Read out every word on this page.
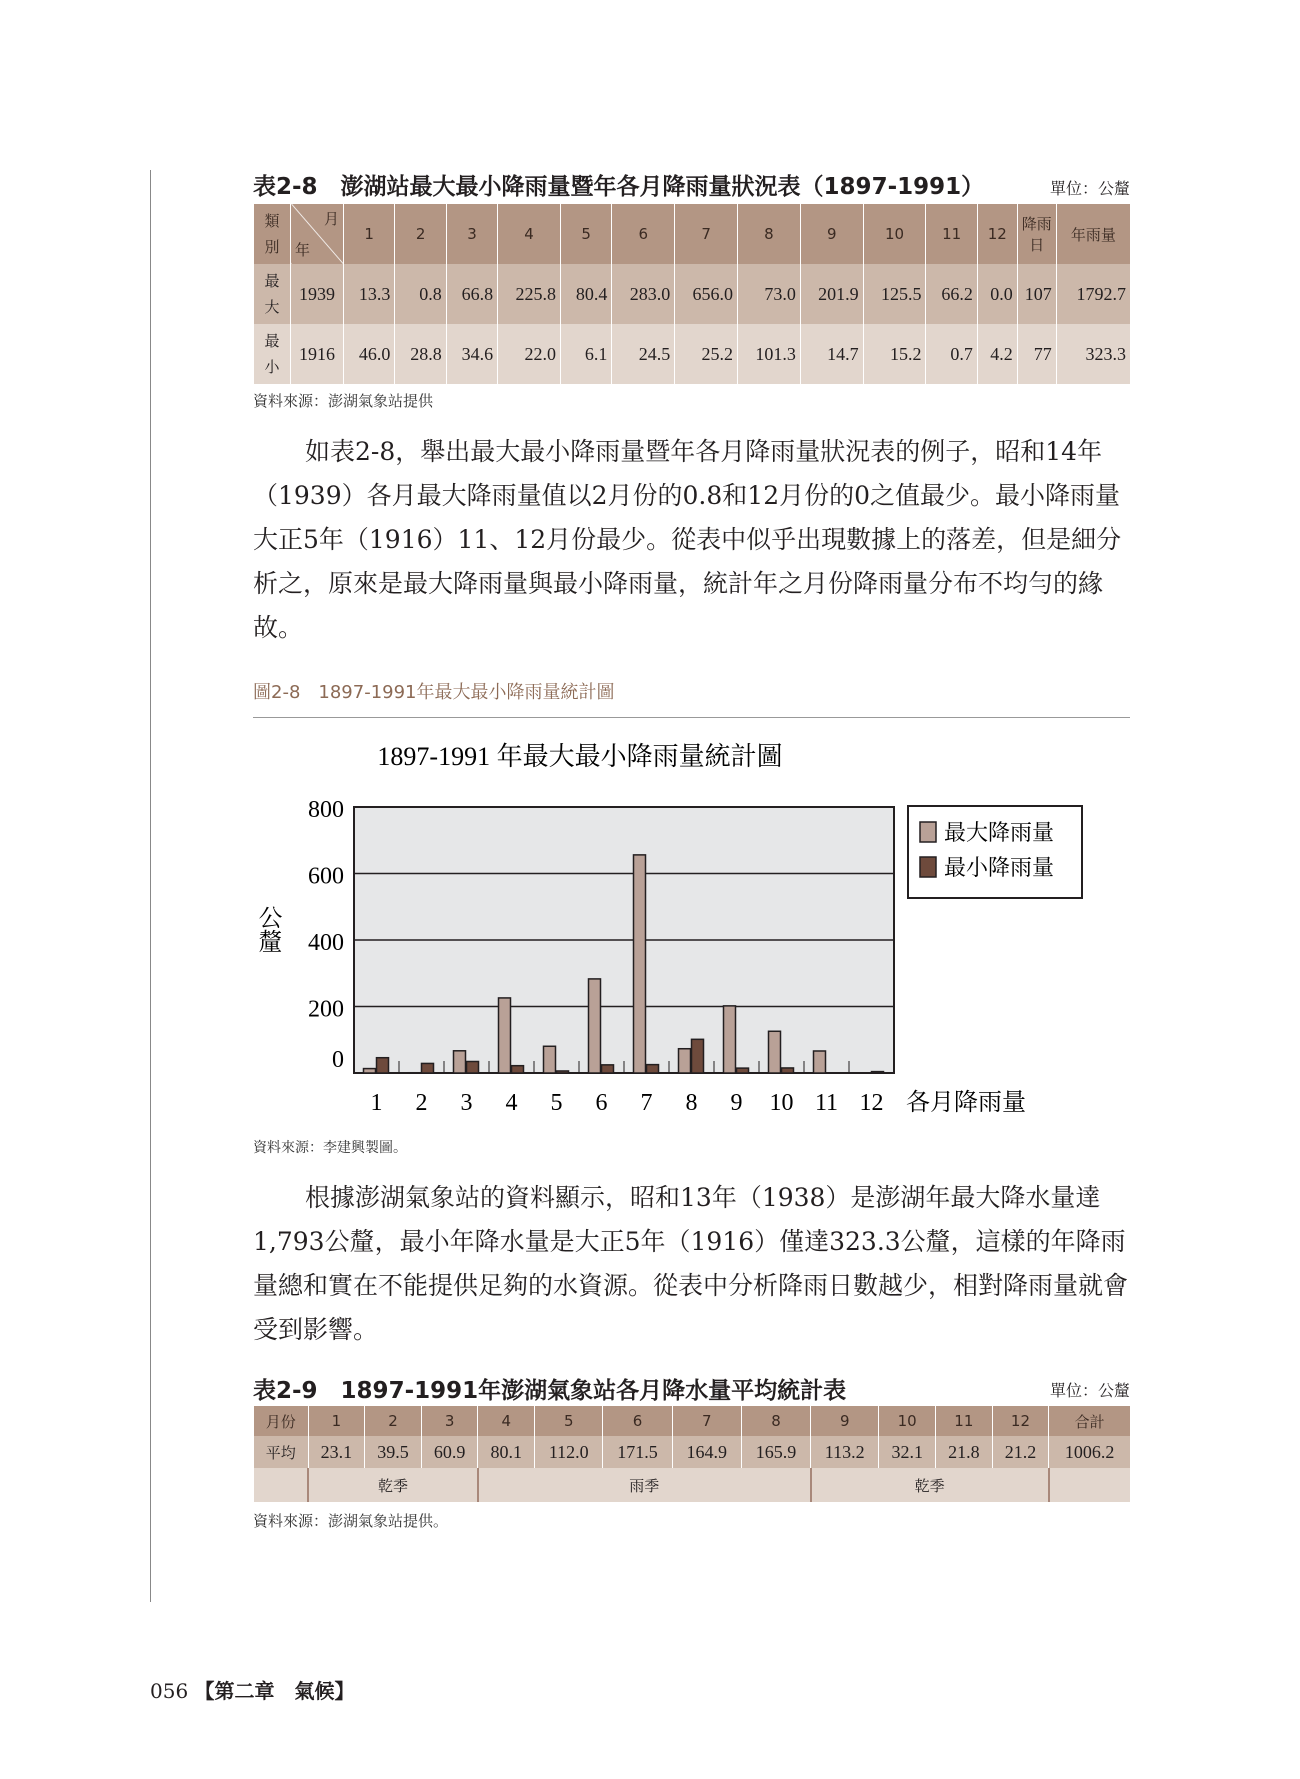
表2-8　澎湖站最大最小降雨量暨年各月降雨量狀況表（1897-1991）	單位：公釐
類別	月
年	1	2	3	4	5	6	7	8	9	10	11	12	降雨日	年雨量
最大	1939	13.3	0.8	66.8	225.8	80.4	283.0	656.0	73.0	201.9	125.5	66.2	0.0	107	1792.7
最小	1916	46.0	28.8	34.6	22.0	6.1	24.5	25.2	101.3	14.7	15.2	0.7	4.2	77	323.3
資料來源：澎湖氣象站提供
如表2-8，舉出最大最小降雨量暨年各月降雨量狀況表的例子，昭和14年（1939）各月最大降雨量值以2月份的0.8和12月份的0之值最少。最小降雨量大正5年（1916）11、12月份最少。從表中似乎出現數據上的落差，但是細分析之，原來是最大降雨量與最小降雨量，統計年之月份降雨量分布不均勻的緣故。
圖2-8　1897-1991年最大最小降雨量統計圖
1897-1991 年最大最小降雨量統計圖
0
200
400
600
800
公釐
1 2 3 4 5 6 7 8 9 10 11 12 各月降雨量
最大降雨量
最小降雨量
資料來源：李建興製圖。
根據澎湖氣象站的資料顯示，昭和13年（1938）是澎湖年最大降水量達1,793公釐，最小年降水量是大正5年（1916）僅達323.3公釐，這樣的年降雨量總和實在不能提供足夠的水資源。從表中分析降雨日數越少，相對降雨量就會受到影響。
表2-9　1897-1991年澎湖氣象站各月降水量平均統計表	單位：公釐
月份	1	2	3	4	5	6	7	8	9	10	11	12	合計
平均	23.1	39.5	60.9	80.1	112.0	171.5	164.9	165.9	113.2	32.1	21.8	21.2	1006.2
	乾季			雨季					乾季				
資料來源：澎湖氣象站提供。
056 【第二章　氣候】
